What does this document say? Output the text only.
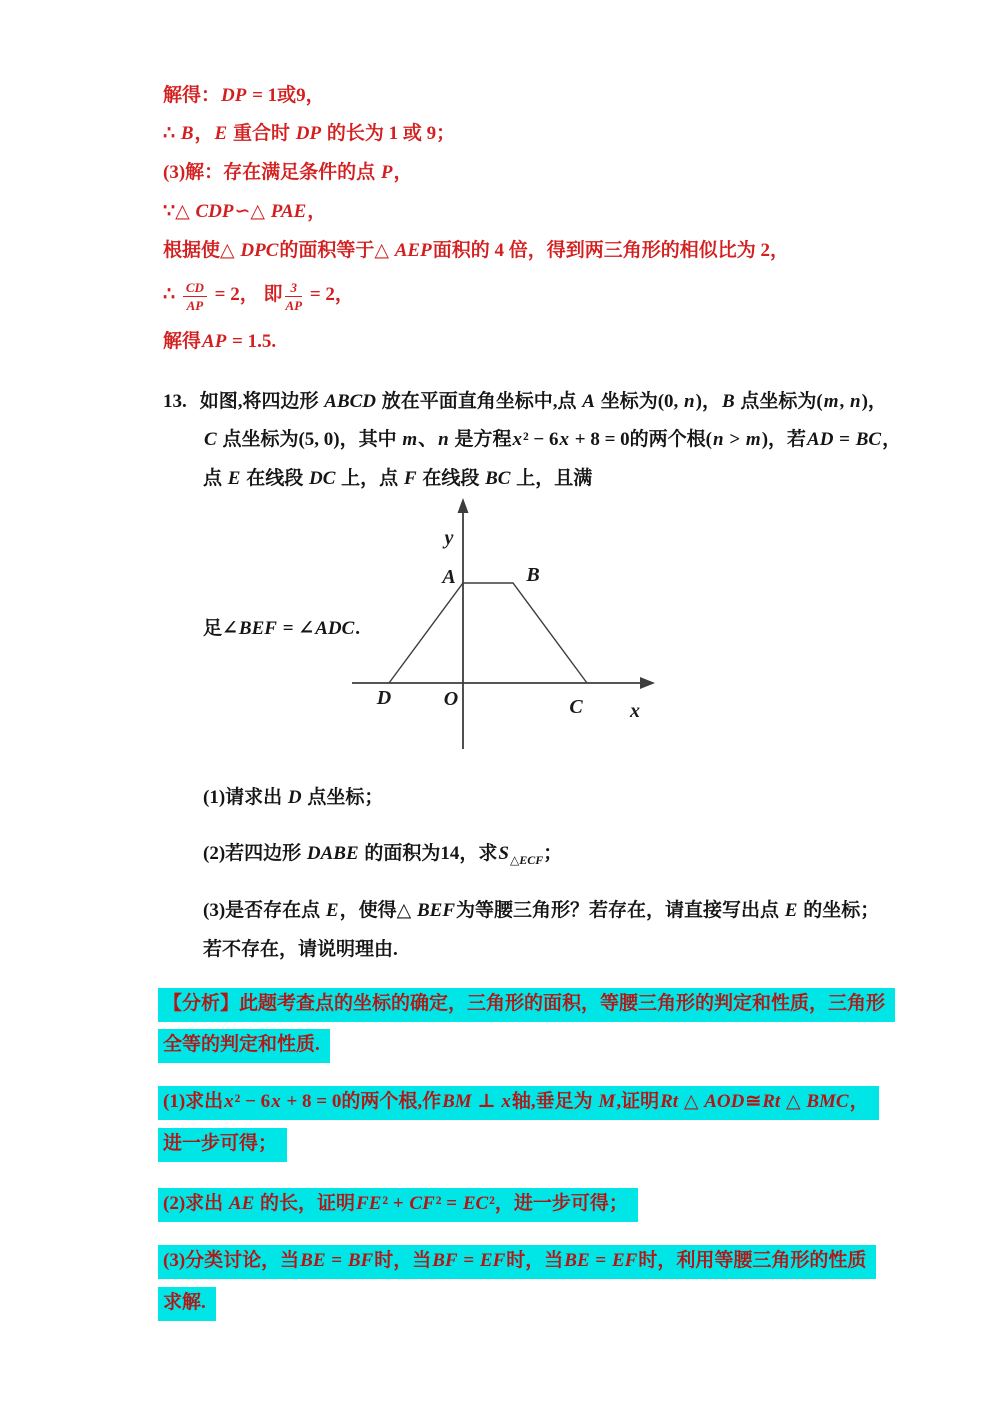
解得：DP = 1或9，
∴ B，E 重合时 DP 的长为 1 或 9；
(3)解：存在满足条件的点 P，
∵△ CDP∽△ PAE，
根据使△ DPC的面积等于△ AEP面积的 4 倍，得到两三角形的相似比为 2，
∴ $\frac{CD}{AP} = 2$， 即 $\frac{3}{AP} = 2$，
解得AP = 1.5.
13. 如图,将四边形 ABCD 放在平面直角坐标中,点 A 坐标为(0, n)，B 点坐标为(m, n)，
C 点坐标为(5, 0)，其中 m、n 是方程x² − 6x + 8 = 0的两个根(n > m)，若AD = BC，
点 E 在线段 DC 上，点 F 在线段 BC 上，且满
y
A	B
D	O	C x
足∠BEF = ∠ADC.
(1)请求出 D 点坐标；
(2)若四边形 DABE 的面积为14，求$S_{\triangle ECF}$；
(3)是否存在点 E，使得△ BEF为等腰三角形？若存在，请直接写出点 E 的坐标；
若不存在，请说明理由.
【分析】此题考查点的坐标的确定，三角形的面积，等腰三角形的判定和性质，三角形
全等的判定和性质.
(1)求出x² − 6x + 8 = 0的两个根,作BM ⊥ x轴,垂足为 M,证明Rt △ AOD≅Rt △ BMC，
进一步可得；
(2)求出 AE 的长，证明FE² + CF² = EC²，进一步可得；
(3)分类讨论，当BE = BF时，当BF = EF时，当BE = EF时，利用等腰三角形的性质
求解.
